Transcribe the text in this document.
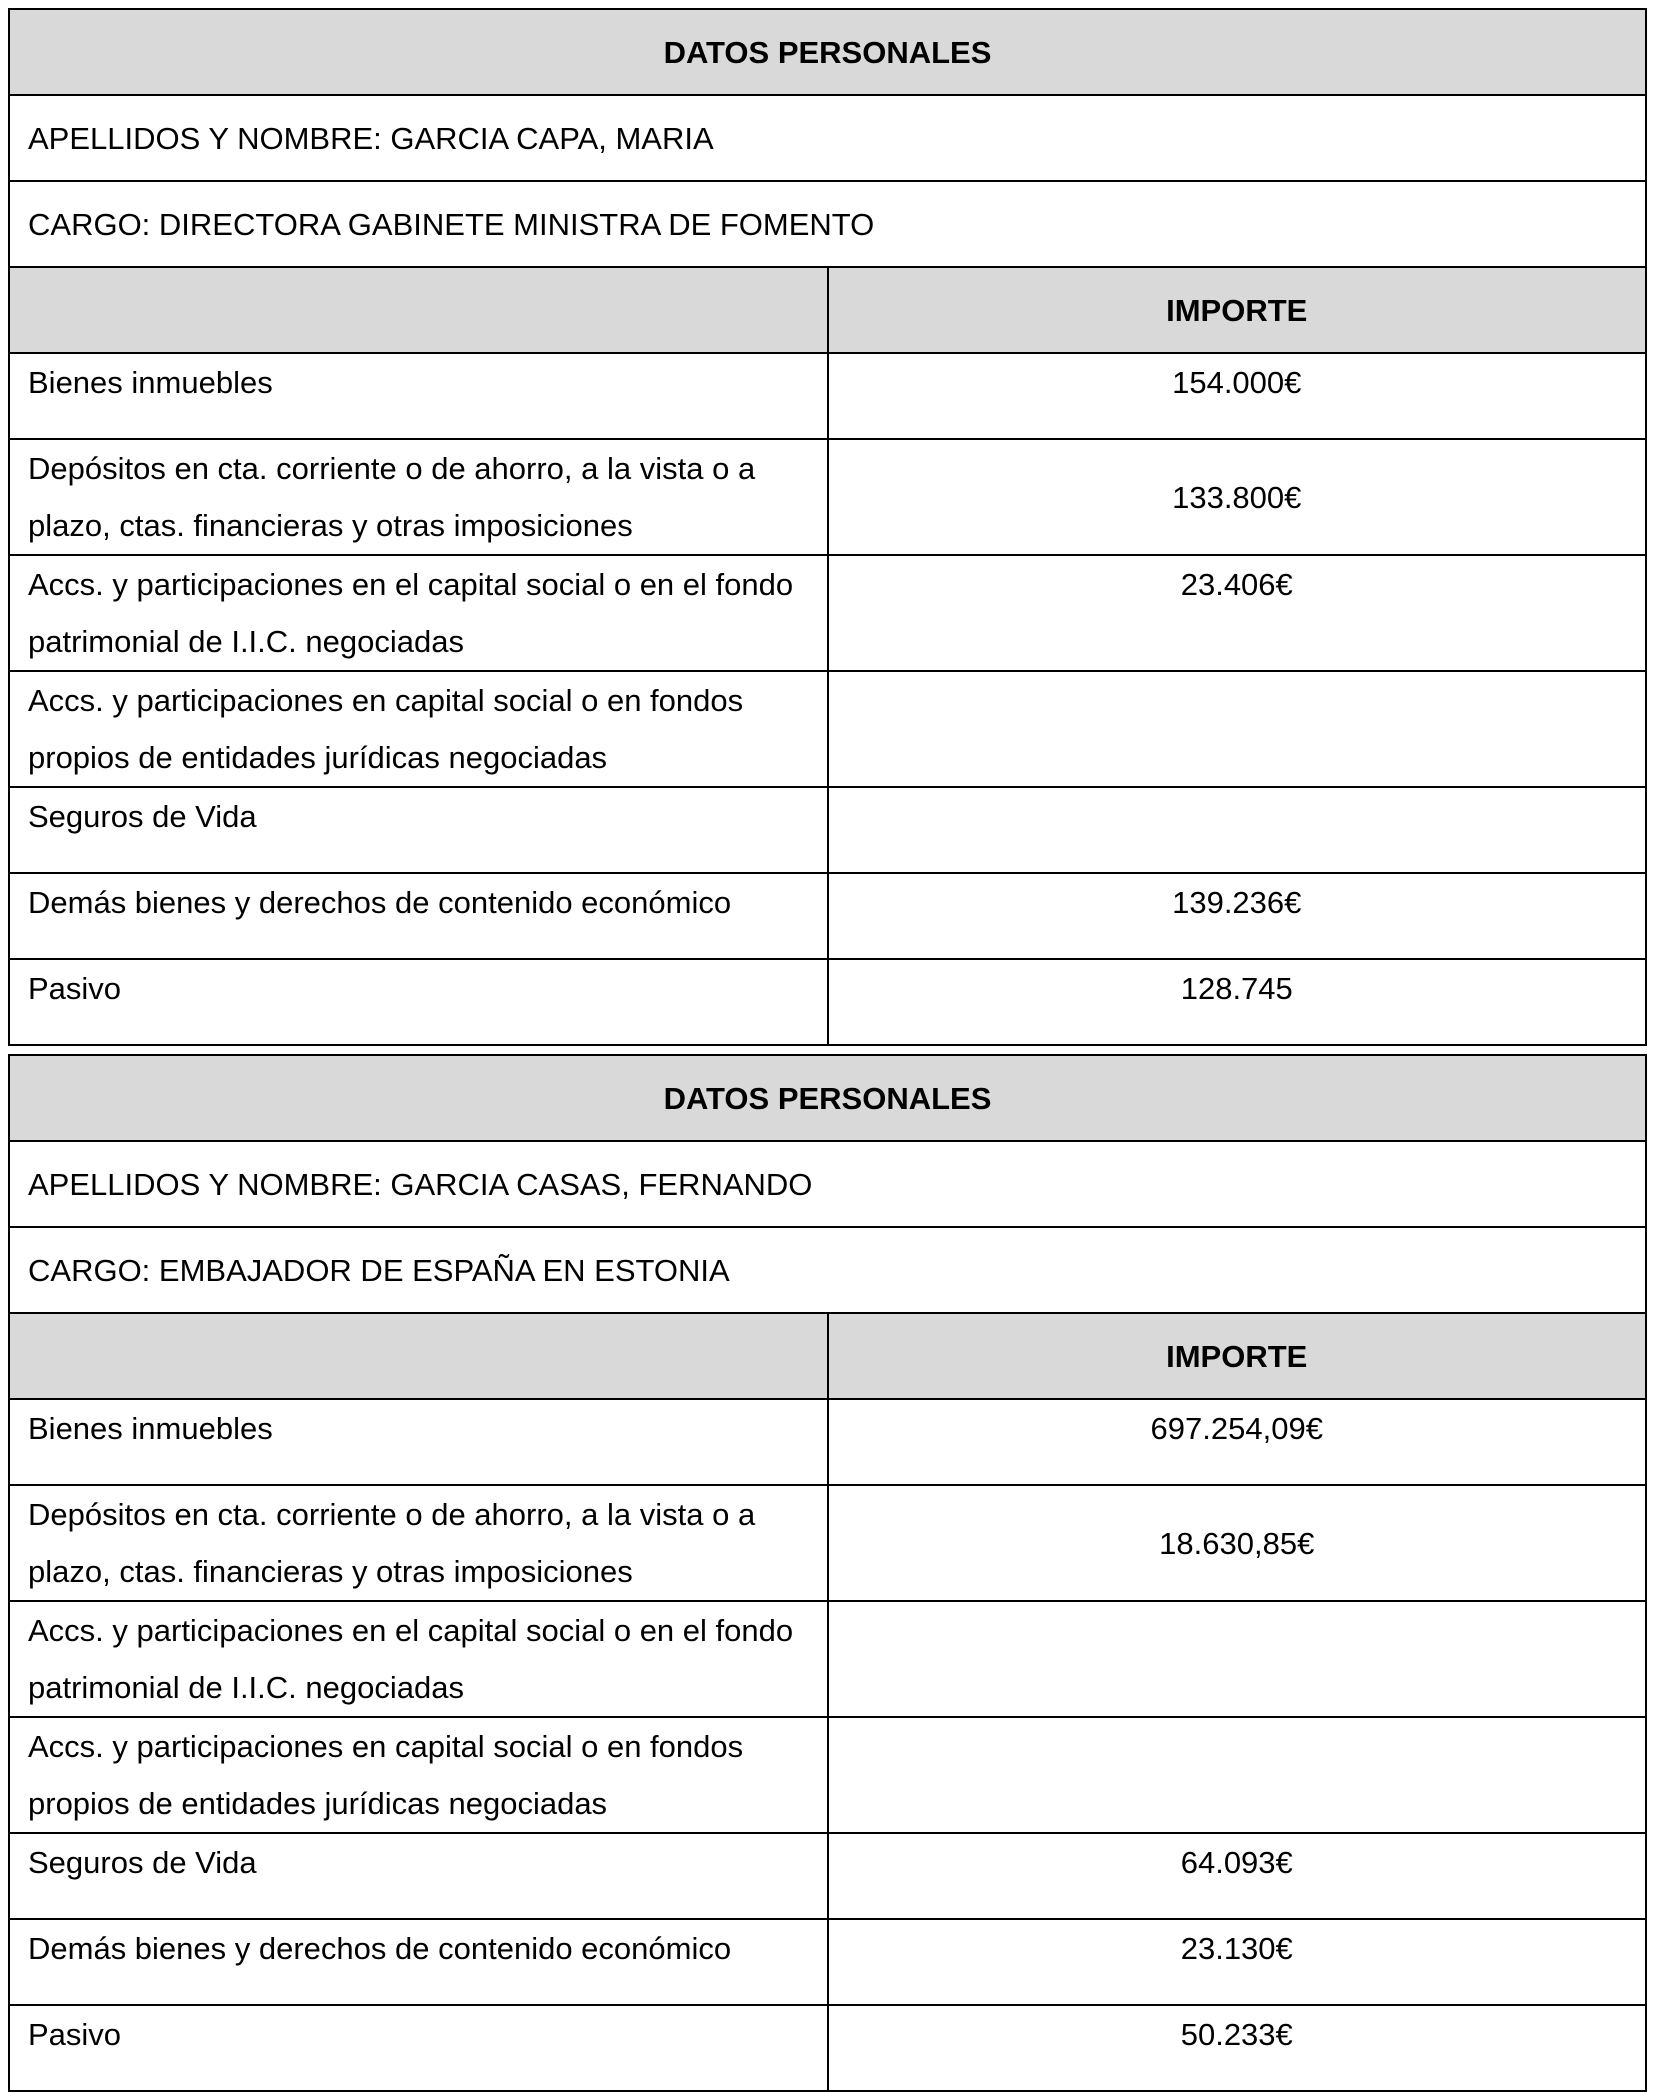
DATOS PERSONALES	
APELLIDOS Y NOMBRE: GARCIA CAPA, MARIA	
CARGO: DIRECTORA GABINETE MINISTRA DE FOMENTO	
	IMPORTE
Bienes inmuebles	154.000€
Depósitos en cta. corriente o de ahorro, a la vista o a plazo, ctas. financieras y otras imposiciones	133.800€
Accs. y participaciones en el capital social o en el fondo patrimonial de I.I.C. negociadas	23.406€
Accs. y participaciones en capital social o en fondos propios de entidades jurídicas negociadas	
Seguros de Vida	
Demás bienes y derechos de contenido económico	139.236€
Pasivo	128.745
DATOS PERSONALES	
APELLIDOS Y NOMBRE: GARCIA CASAS, FERNANDO	
CARGO: EMBAJADOR DE ESPAÑA EN ESTONIA	
	IMPORTE
Bienes inmuebles	697.254,09€
Depósitos en cta. corriente o de ahorro, a la vista o a plazo, ctas. financieras y otras imposiciones	18.630,85€
Accs. y participaciones en el capital social o en el fondo patrimonial de I.I.C. negociadas	
Accs. y participaciones en capital social o en fondos propios de entidades jurídicas negociadas	
Seguros de Vida	64.093€
Demás bienes y derechos de contenido económico	23.130€
Pasivo	50.233€
